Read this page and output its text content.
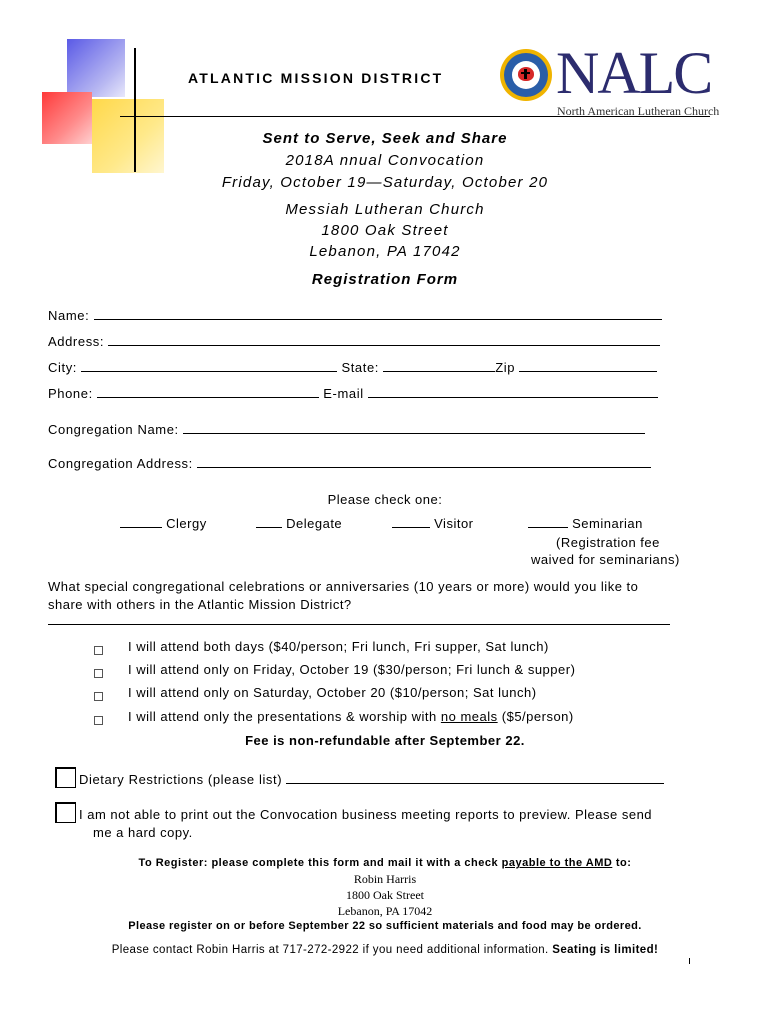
ATLANTIC MISSION DISTRICT NALC
North American Lutheran Church
Sent to Serve, Seek and Share
2018A nnual Convocation
Friday, October 19—Saturday, October 20
Messiah Lutheran Church
1800 Oak Street
Lebanon, PA 17042
Registration Form
Name:
Address:
City:	State:	Zip
Phone:	E-mail
Congregation Name:
Congregation Address:
Please check one:
Clergy	Delegate	Visitor	Seminarian
(Registration fee
waived for seminarians)
What special congregational celebrations or anniversaries (10 years or more) would you like to
share with others in the Atlantic Mission District?
I will attend both days ($40/person; Fri lunch, Fri supper, Sat lunch)
I will attend only on Friday, October 19 ($30/person; Fri lunch & supper)
I will attend only on Saturday, October 20 ($10/person; Sat lunch)
I will attend only the presentations & worship with no meals ($5/person)
Fee is non-refundable after September 22.
Dietary Restrictions (please list)
I am not able to print out the Convocation business meeting reports to preview. Please send
me a hard copy.
To Register: please complete this form and mail it with a check payable to the AMD to:
Robin Harris
1800 Oak Street
Lebanon, PA 17042
Please register on or before September 22 so sufficient materials and food may be ordered.
Please contact Robin Harris at 717-272-2922 if you need additional information. Seating is limited!
